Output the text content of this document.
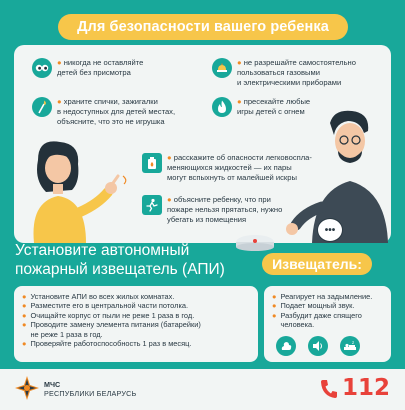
Для безопасности вашего ребенка
● никогда не оставляйте
детей без присмотра
● не разрешайте самостоятельно
пользоваться газовыми
и электрическими приборами
● храните спички, зажигалки
в недоступных для детей местах,
объясните, что это не игрушка
● пресекайте любые
игры детей с огнем
● расскажите об опасности легковоспла-
меняющихся жидкостей — их пары
могут вспыхнуть от малейшей искры
● объясните ребенку, что при
пожаре нельзя прятаться, нужно
убегать из помещения
•••
Установите автономный
пожарный извещатель (АПИ)	Извещатель:
● Установите АПИ во всех жилых комнатах.
● Разместите его в центральной части потолка.
● Очищайте корпус от пыли не реже 1 раза в год.
● Проводите замену элемента питания (батарейки)
не реже 1 раза в год.
● Проверяйте работоспособность 1 раз в месяц.
● Реагирует на задымление.
● Подает мощный звук.
● Разбудит даже спящего
человека.
z
МЧС
РЕСПУБЛИКИ БЕЛАРУСЬ	112
